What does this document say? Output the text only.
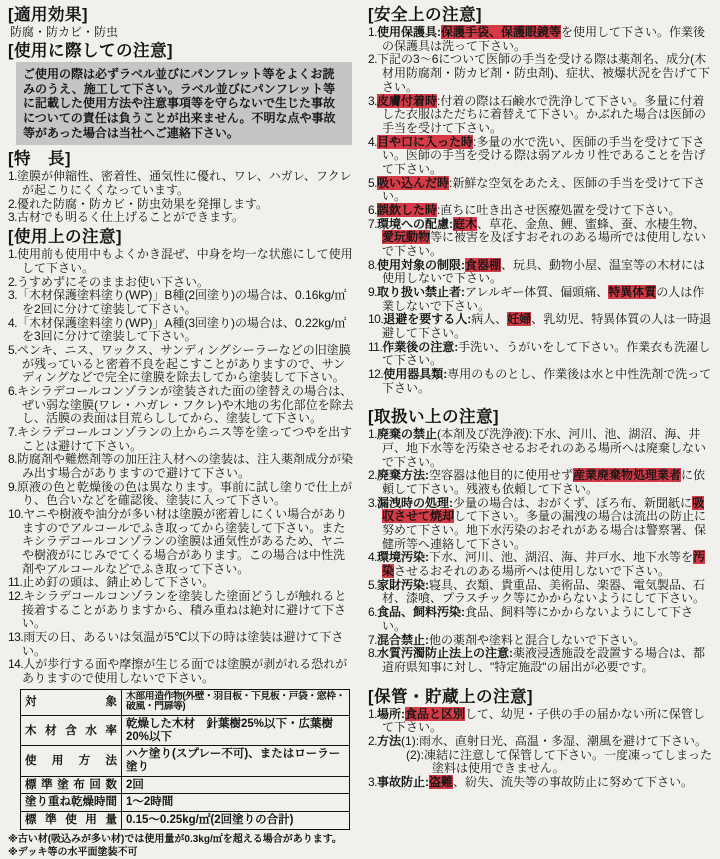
[適用効果]

防腐・防カビ・防虫

[使用に際しての注意]
ご使用の際は必ずラベル並びにパンフレット等をよくお読みのうえ、施工して下さい。ラベル並びにパンフレット等に記載した使用方法や注意事項等を守らないで生じた事故についての責任は負うことが出来ません。不明な点や事故等があった場合は当社へご連絡下さい。
[特　長]
1.塗膜が伸縮性、密着性、通気性に優れ、ワレ、ハガレ、フクレが起こりにくくなっています。
2.優れた防腐・防カビ・防虫効果を発揮します。
3.古材でも明るく仕上げることができます。
[使用上の注意]
1.使用前も使用中もよくかき混ぜ、中身を均一な状態にして使用して下さい。
2.うすめずにそのままお使い下さい。
3.「木材保護塗料塗り(WP)」B種(2回塗り)の場合は、0.16kg/㎡を2回に分けて塗装して下さい。
4.「木材保護塗料塗り(WP)」A種(3回塗り)の場合は、0.22kg/㎡を3回に分けて塗装して下さい。
5.ペンキ、ニス、ワックス、サンディングシーラーなどの旧塗膜が残っていると密着不良を起こすことがありますので、サンディングなどで完全に塗膜を除去してから塗装して下さい。
6.キシラデコールコンゾランが塗装された面の塗替えの場合は、ぜい弱な塗膜(ワレ・ハガレ・フクレ)や木地の劣化部位を除去し、活膜の表面は目荒らししてから、塗装して下さい。
7.キシラデコールコンゾランの上からニス等を塗ってつやを出すことは避けて下さい。
8.防腐剤や難燃剤等の加圧注入材への塗装は、注入薬剤成分が染み出す場合がありますので避けて下さい。
9.原液の色と乾燥後の色は異なります。事前に試し塗りで仕上がり、色合いなどを確認後、塗装に入って下さい。
10.ヤニや樹液や油分が多い材は塗膜が密着しにくい場合がありますのでアルコールでふき取ってから塗装して下さい。またキシラデコールコンゾランの塗膜は通気性があるため、ヤニや樹液がにじみでてくる場合があります。この場合は中性洗剤やアルコールなどでふき取って下さい。
11.止め釘の頭は、錆止めして下さい。
12.キシラデコールコンゾランを塗装した塗面どうしが触れると接着することがありますから、積み重ねは絶対に避けて下さい。
13.雨天の日、あるいは気温が5℃以下の時は塗装は避けて下さい。
14.人が歩行する面や摩擦が生じる面では塗膜が剥がれる恐れがありますので使用しないで下さい。
対象	木部用造作物(外壁・羽目板・下見板・戸袋・窓枠・破風・門扉等)
木材含水率	乾燥した木材　針葉樹25%以下・広葉樹20%以下
使用方法	ハケ塗り(スプレー不可)、またはローラー塗り
標準塗布回数	2回
塗り重ね乾燥時間	1〜2時間
標準使用量	0.15〜0.25kg/㎡(2回塗りの合計)
※古い材(吸込みが多い材)では使用量が0.3kg/㎡を超える場合があります。
※デッキ等の水平面塗装不可
[安全上の注意]
1.使用保護具:保護手袋、保護眼鏡等を使用して下さい。作業後の保護具は洗って下さい。
2.下記の3〜6について医師の手当を受ける際は薬剤名、成分(木材用防腐剤・防カビ剤・防虫剤)、症状、被爆状況を告げて下さい。
3.皮膚付着時:付着の際は石鹸水で洗浄して下さい。多量に付着した衣服はただちに着替えて下さい。かぶれた場合は医師の手当を受けて下さい。
4.目や口に入った時:多量の水で洗い、医師の手当を受けて下さい。医師の手当を受ける際は弱アルカリ性であることを告げて下さい。
5.吸い込んだ時:新鮮な空気をあたえ、医師の手当を受けて下さい。
6.誤飲した時:直ちに吐き出させ医療処置を受けて下さい。
7.環境への配慮:庭木、草花、金魚、鯉、蜜蜂、蚕、水棲生物、愛玩動物等に被害を及ぼすおそれのある場所では使用しないで下さい。
8.使用対象の制限:食器棚、玩具、動物小屋、温室等の木材には使用しないで下さい。
9.取り扱い禁止者:アレルギー体質、偏頭痛、特異体質の人は作業しないで下さい。
10.退避を要する人:病人、妊婦、乳幼児、特異体質の人は一時退避して下さい。
11.作業後の注意:手洗い、うがいをして下さい。作業衣も洗濯して下さい。
12.使用器具類:専用のものとし、作業後は水と中性洗剤で洗って下さい。
[取扱い上の注意]
1.廃棄の禁止(本剤及び洗浄液):下水、河川、池、湖沼、海、井戸、地下水等を汚染させるおそれのある場所へは廃棄しないで下さい。
2.廃棄方法:空容器は他目的に使用せず産業廃棄物処理業者に依頼して下さい。残液も依頼して下さい。
3.漏洩時の処理:少量の場合は、おがくず、ぼろ布、新聞紙に吸収させて焼却して下さい。多量の漏洩の場合は流出の防止に努めて下さい。地下水汚染のおそれがある場合は警察署、保健所等へ連絡して下さい。
4.環境汚染:下水、河川、池、湖沼、海、井戸水、地下水等を汚染させるおそれのある場所へは使用しないで下さい。
5.家財汚染:寝具、衣類、貴重品、美術品、楽器、電気製品、石材、漆喰、プラスチック等にかからないようにして下さい。
6.食品、飼料汚染:食品、飼料等にかからないようにして下さい。
7.混合禁止:他の薬剤や塗料と混合しないで下さい。
8.水質汚濁防止法上の注意:薬液浸透施設を設置する場合は、都道府県知事に対し、"特定施設"の届出が必要です。
[保管・貯蔵上の注意]
1.場所:食品と区別して、幼児・子供の手の届かない所に保管して下さい。
2.方法(1):雨水、直射日光、高温・多湿、潮風を避けて下さい。
(2):凍結に注意して保管して下さい。一度凍ってしまった塗料は使用できません。
3.事故防止:盗難、紛失、流失等の事故防止に努めて下さい。
